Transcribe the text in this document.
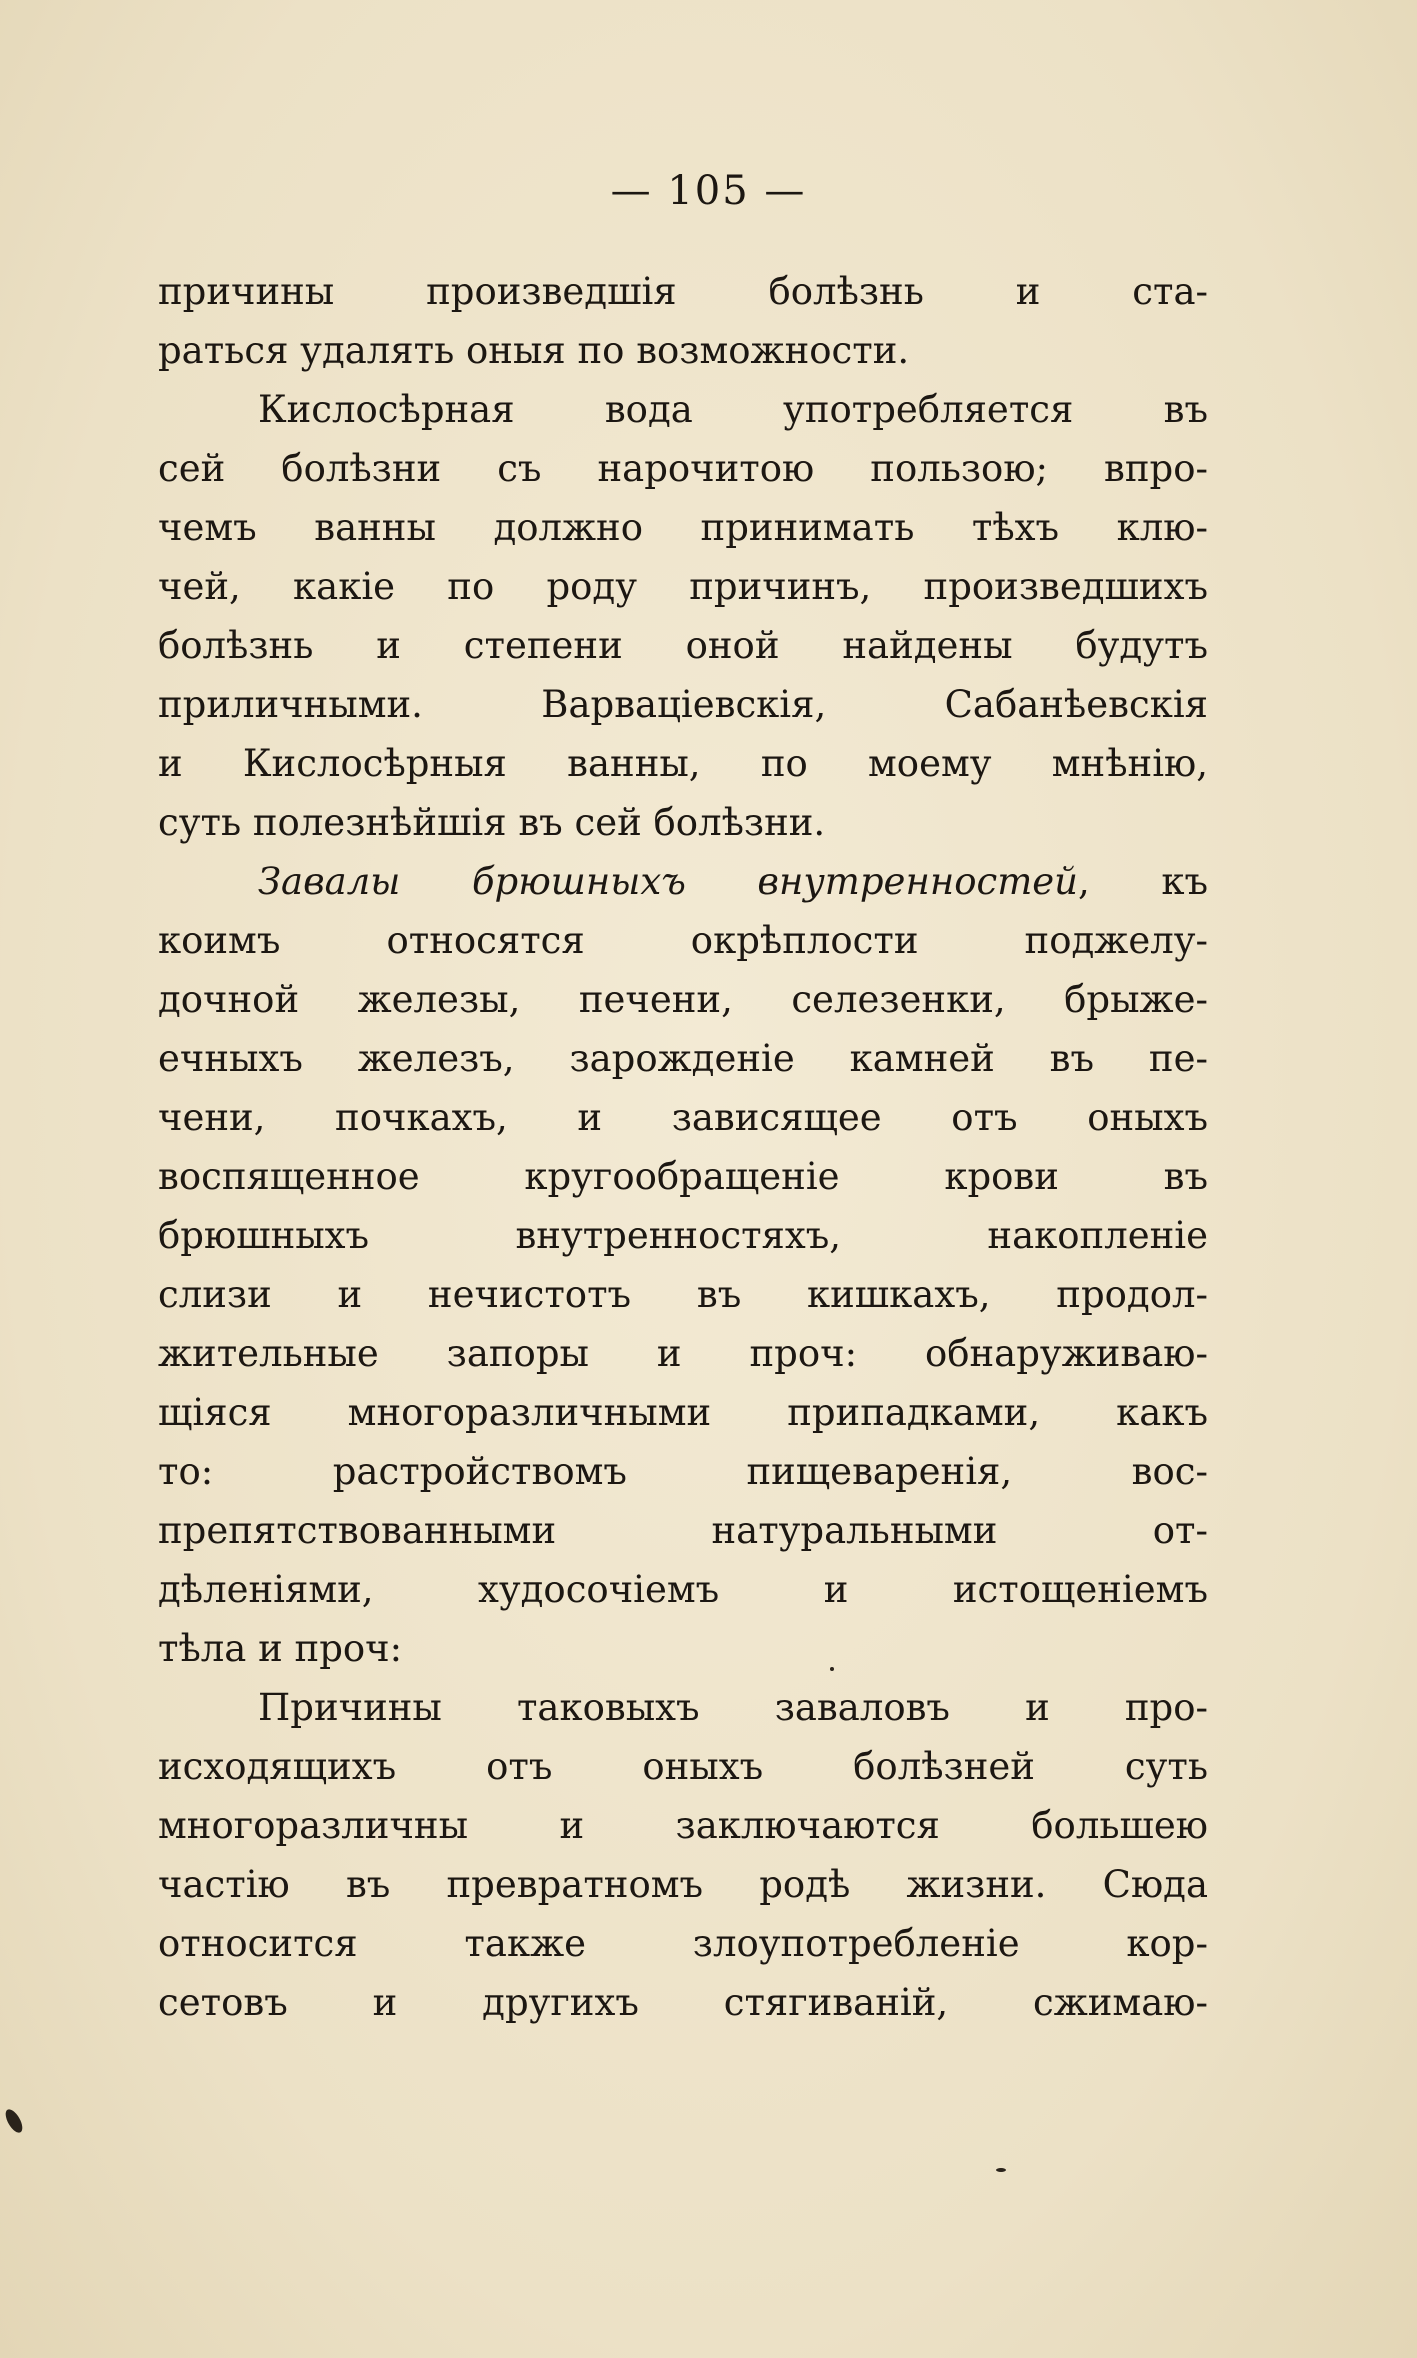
— 105 —
причины произведшія болѣзнь и ста-
раться удалять оныя по возможности.
Кислосѣрная вода употребляется въ
сей болѣзни съ нарочитою пользою; впро-
чемъ ванны должно принимать тѣхъ клю-
чей, какіе по роду причинъ, произведшихъ
болѣзнь и степени оной найдены будутъ
приличными. Варваціевскія, Сабанѣевскія
и Кислосѣрныя ванны, по моему мнѣнію,
суть полезнѣйшія въ сей болѣзни.
Завалы брюшныхъ внутренностей, къ
коимъ относятся окрѣплости поджелу-
дочной железы, печени, селезенки, брыже-
ечныхъ железъ, зарожденіе камней въ пе-
чени, почкахъ, и зависящее отъ оныхъ
воспященное кругообращеніе крови въ
брюшныхъ внутренностяхъ, накопленіе
слизи и нечистотъ въ кишкахъ, продол-
жительные запоры и проч: обнаруживаю-
щіяся многоразличными припадками, какъ
то: растройствомъ пищеваренія, вос-
препятствованными натуральными от-
дѣленіями, худосочіемъ и истощеніемъ
тѣла и проч:
Причины таковыхъ заваловъ и про-
исходящихъ отъ оныхъ болѣзней суть
многоразличны и заключаются большею
частію въ превратномъ родѣ жизни. Сюда
относится также злоупотребленіе кор-
сетовъ и другихъ стягиваній, сжимаю-
